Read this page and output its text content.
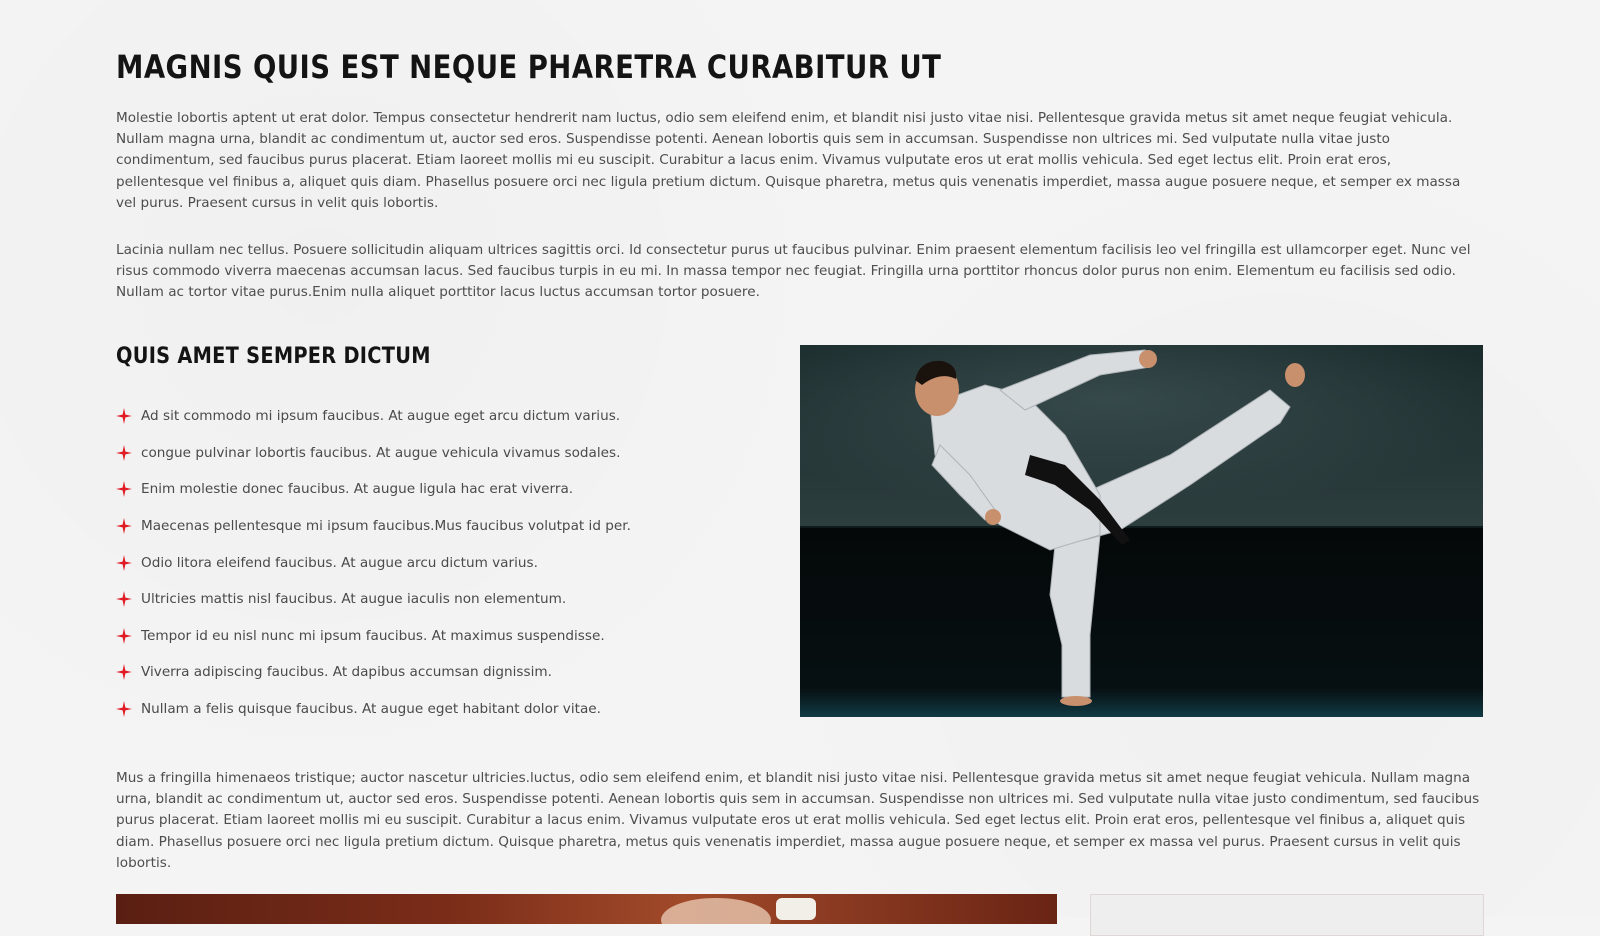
MAGNIS QUIS EST NEQUE PHARETRA CURABITUR UT

Molestie lobortis aptent ut erat dolor. Tempus consectetur hendrerit nam luctus, odio sem eleifend enim, et blandit nisi justo vitae nisi. Pellentesque gravida metus sit amet neque feugiat vehicula. Nullam magna urna, blandit ac condimentum ut, auctor sed eros. Suspendisse potenti. Aenean lobortis quis sem in accumsan. Suspendisse non ultrices mi. Sed vulputate nulla vitae justo condimentum, sed faucibus purus placerat. Etiam laoreet mollis mi eu suscipit. Curabitur a lacus enim. Vivamus vulputate eros ut erat mollis vehicula. Sed eget lectus elit. Proin erat eros, pellentesque vel finibus a, aliquet quis diam. Phasellus posuere orci nec ligula pretium dictum. Quisque pharetra, metus quis venenatis imperdiet, massa augue posuere neque, et semper ex massa vel purus. Praesent cursus in velit quis lobortis.

Lacinia nullam nec tellus. Posuere sollicitudin aliquam ultrices sagittis orci. Id consectetur purus ut faucibus pulvinar. Enim praesent elementum facilisis leo vel fringilla est ullamcorper eget. Nunc vel risus commodo viverra maecenas accumsan lacus. Sed faucibus turpis in eu mi. In massa tempor nec feugiat. Fringilla urna porttitor rhoncus dolor purus non enim. Elementum eu facilisis sed odio. Nullam ac tortor vitae purus.Enim nulla aliquet porttitor lacus luctus accumsan tortor posuere.

QUIS AMET SEMPER DICTUM
Ad sit commodo mi ipsum faucibus. At augue eget arcu dictum varius.
congue pulvinar lobortis faucibus. At augue vehicula vivamus sodales.
Enim molestie donec faucibus. At augue ligula hac erat viverra.
Maecenas pellentesque mi ipsum faucibus.Mus faucibus volutpat id per.
Odio litora eleifend faucibus. At augue arcu dictum varius.
Ultricies mattis nisl faucibus. At augue iaculis non elementum.
Tempor id eu nisl nunc mi ipsum faucibus. At maximus suspendisse.
Viverra adipiscing faucibus. At dapibus accumsan dignissim.
Nullam a felis quisque faucibus. At augue eget habitant dolor vitae.

Mus a fringilla himenaeos tristique; auctor nascetur ultricies.luctus, odio sem eleifend enim, et blandit nisi justo vitae nisi. Pellentesque gravida metus sit amet neque feugiat vehicula. Nullam magna urna, blandit ac condimentum ut, auctor sed eros. Suspendisse potenti. Aenean lobortis quis sem in accumsan. Suspendisse non ultrices mi. Sed vulputate nulla vitae justo condimentum, sed faucibus purus placerat. Etiam laoreet mollis mi eu suscipit. Curabitur a lacus enim. Vivamus vulputate eros ut erat mollis vehicula. Sed eget lectus elit. Proin erat eros, pellentesque vel finibus a, aliquet quis diam. Phasellus posuere orci nec ligula pretium dictum. Quisque pharetra, metus quis venenatis imperdiet, massa augue posuere neque, et semper ex massa vel purus. Praesent cursus in velit quis lobortis.
